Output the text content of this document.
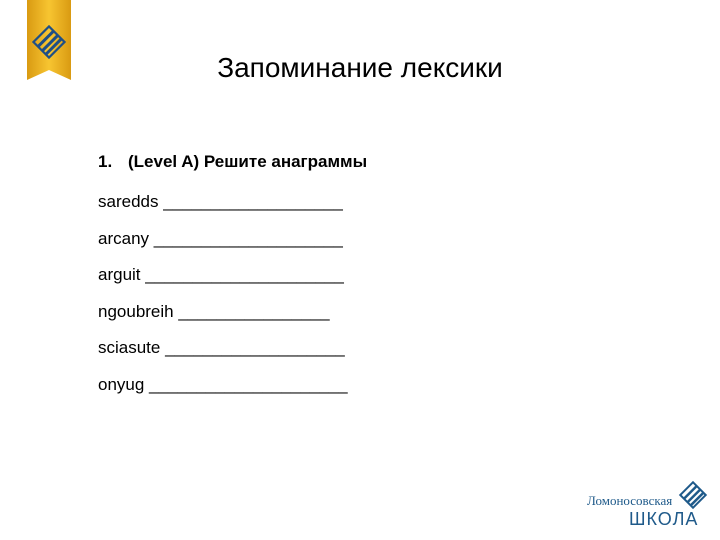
Запоминание лексики
1. (Level A) Решите анаграммы
saredds ___________________
arcany ____________________
arguit _____________________
ngoubreih ________________
sciasute ___________________
onyug _____________________
Ломоносовская
ШКОЛА
